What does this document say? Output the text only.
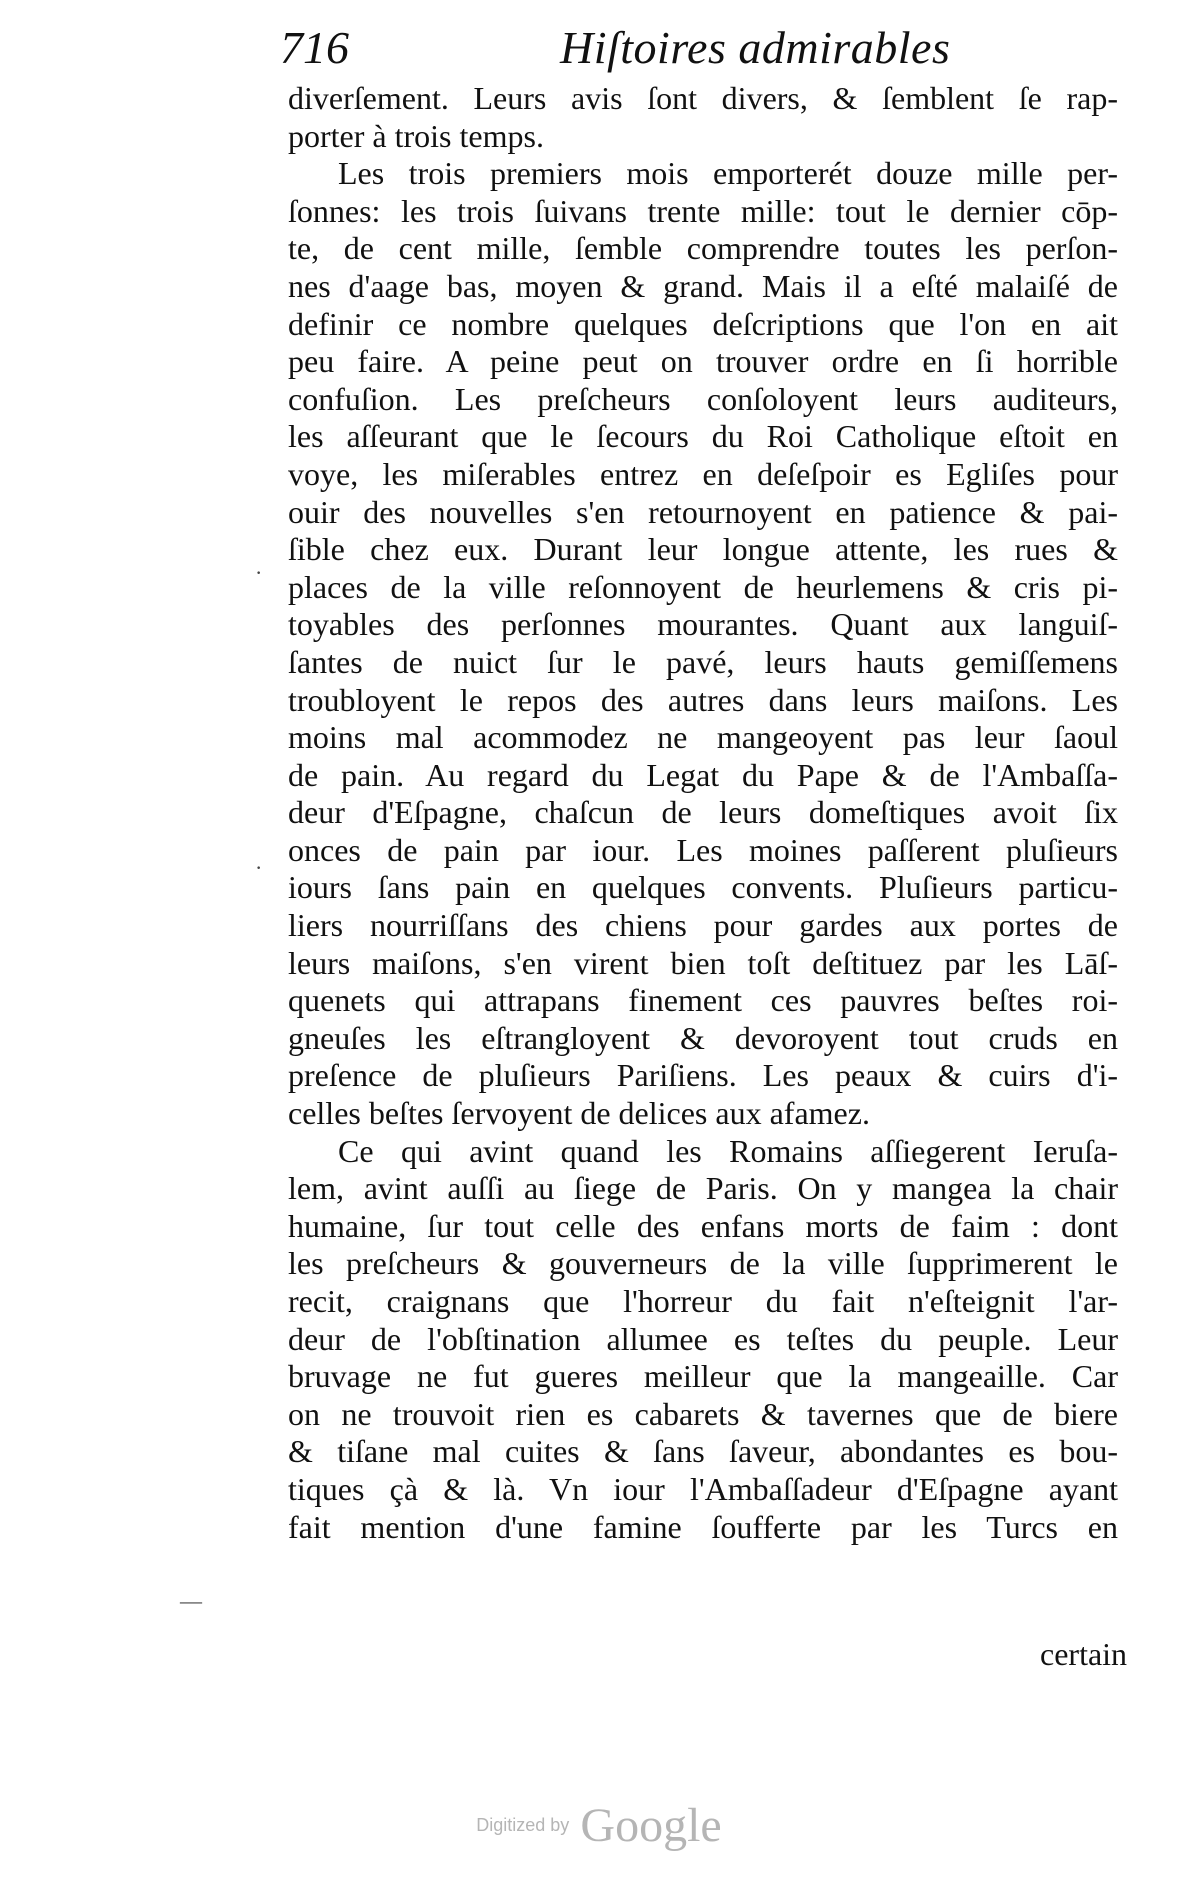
716	Hiſtoires admirables
diverſement. Leurs avis ſont divers, & ſemblent ſe rap-
porter à trois temps.
Les trois premiers mois emporterét douze mille per-
ſonnes: les trois ſuivans trente mille: tout le dernier cōp-
te, de cent mille, ſemble comprendre toutes les perſon-
nes d'aage bas, moyen & grand. Mais il a eſté malaiſé de
definir ce nombre quelques deſcriptions que l'on en ait
peu faire. A peine peut on trouver ordre en ſi horrible
confuſion. Les preſcheurs conſoloyent leurs auditeurs,
les aſſeurant que le ſecours du Roi Catholique eſtoit en
voye, les miſerables entrez en deſeſpoir es Egliſes pour
ouir des nouvelles s'en retournoyent en patience & pai-
ſible chez eux. Durant leur longue attente, les rues &
places de la ville reſonnoyent de heurlemens & cris pi-
toyables des perſonnes mourantes. Quant aux languiſ-
ſantes de nuict ſur le pavé, leurs hauts gemiſſemens
troubloyent le repos des autres dans leurs maiſons. Les
moins mal acommodez ne mangeoyent pas leur ſaoul
de pain. Au regard du Legat du Pape & de l'Ambaſſa-
deur d'Eſpagne, chaſcun de leurs domeſtiques avoit ſix
onces de pain par iour. Les moines paſſerent pluſieurs
iours ſans pain en quelques convents. Pluſieurs particu-
liers nourriſſans des chiens pour gardes aux portes de
leurs maiſons, s'en virent bien toſt deſtituez par les Lāſ-
quenets qui attrapans finement ces pauvres beſtes roi-
gneuſes les eſtrangloyent & devoroyent tout cruds en
preſence de pluſieurs Pariſiens. Les peaux & cuirs d'i-
celles beſtes ſervoyent de delices aux afamez.
Ce qui avint quand les Romains aſſiegerent Ieruſa-
lem, avint auſſi au ſiege de Paris. On y mangea la chair
humaine, ſur tout celle des enfans morts de faim : dont
les preſcheurs & gouverneurs de la ville ſupprimerent le
recit, craignans que l'horreur du fait n'eſteignit l'ar-
deur de l'obſtination allumee es teſtes du peuple. Leur
bruvage ne fut gueres meilleur que la mangeaille. Car
on ne trouvoit rien es cabarets & tavernes que de biere
& tiſane mal cuites & ſans ſaveur, abondantes es bou-
tiques çà & là. Vn iour l'Ambaſſadeur d'Eſpagne ayant
fait mention d'une famine ſoufferte par les Turcs en
certain
·
·
—
Digitized by Google
